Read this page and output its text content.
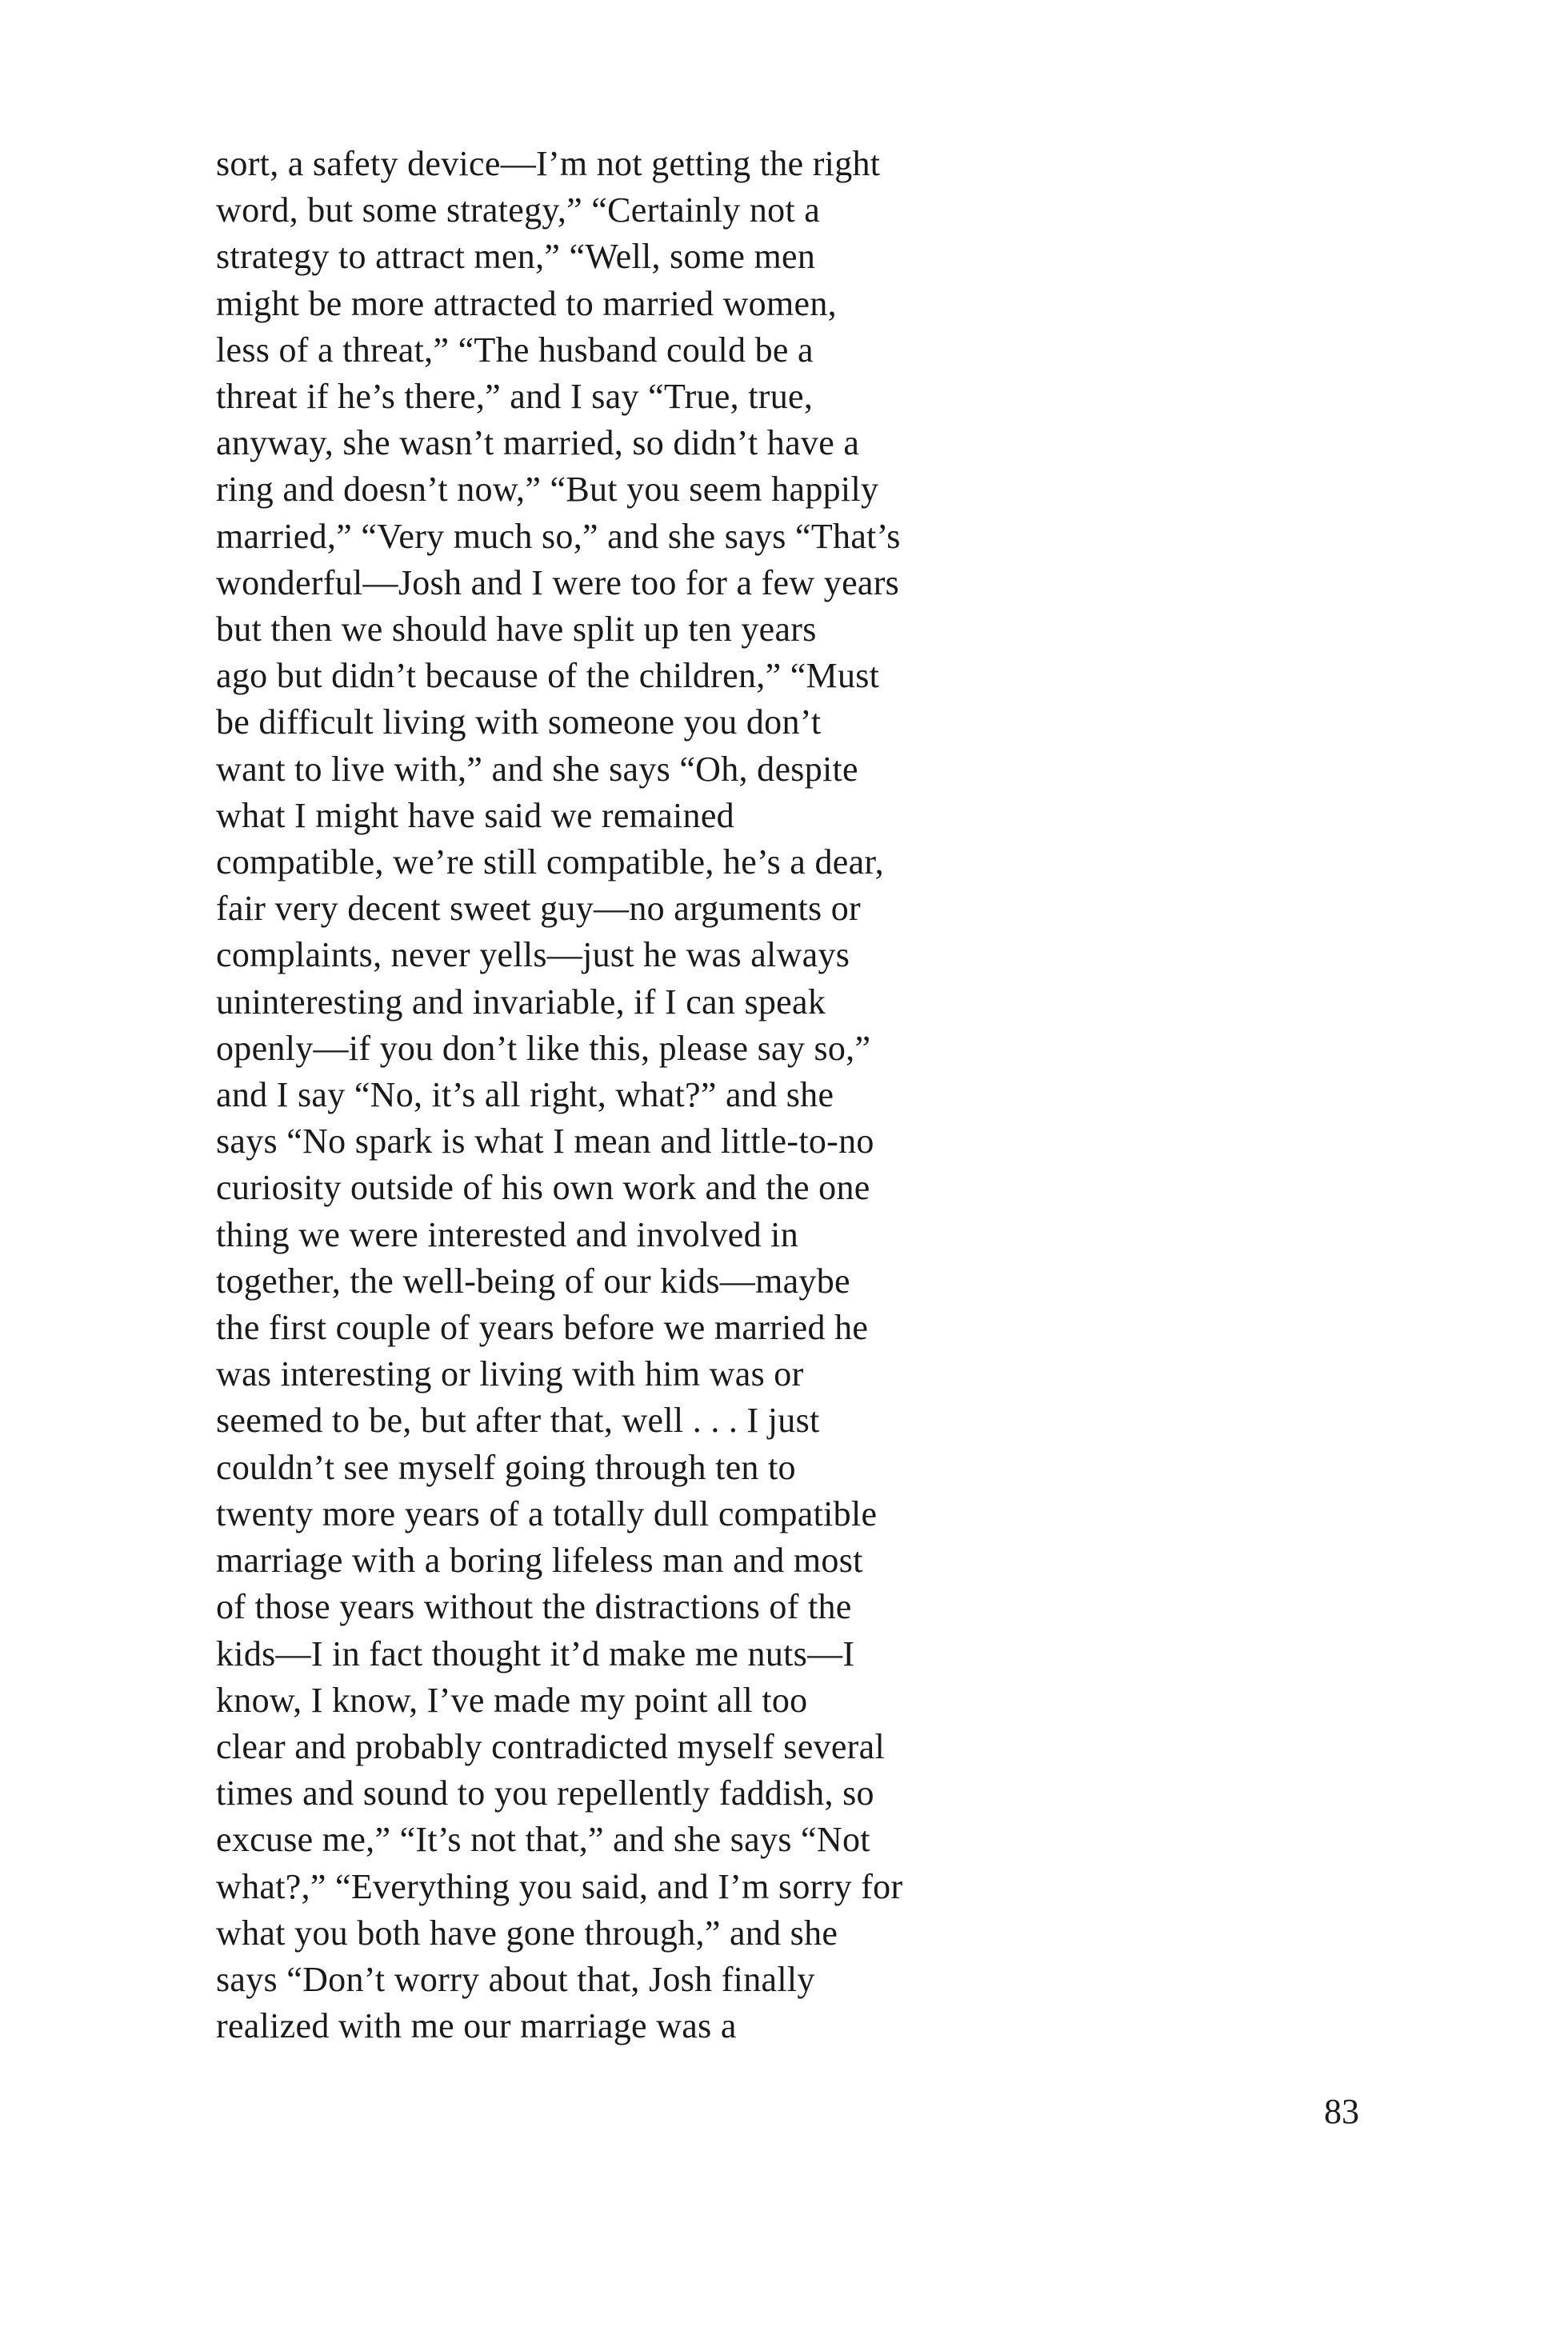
sort, a safety device—I’m not getting the right
word, but some strategy,” “Certainly not a
strategy to attract men,” “Well, some men
might be more attracted to married women,
less of a threat,” “The husband could be a
threat if he’s there,” and I say “True, true,
anyway, she wasn’t married, so didn’t have a
ring and doesn’t now,” “But you seem happily
married,” “Very much so,” and she says “That’s
wonderful—Josh and I were too for a few years
but then we should have split up ten years
ago but didn’t because of the children,” “Must
be difficult living with someone you don’t
want to live with,” and she says “Oh, despite
what I might have said we remained
compatible, we’re still compatible, he’s a dear,
fair very decent sweet guy—no arguments or
complaints, never yells—just he was always
uninteresting and invariable, if I can speak
openly—if you don’t like this, please say so,”
and I say “No, it’s all right, what?” and she
says “No spark is what I mean and little-to-no
curiosity outside of his own work and the one
thing we were interested and involved in
together, the well-being of our kids—maybe
the first couple of years before we married he
was interesting or living with him was or
seemed to be, but after that, well . . . I just
couldn’t see myself going through ten to
twenty more years of a totally dull compatible
marriage with a boring lifeless man and most
of those years without the distractions of the
kids—I in fact thought it’d make me nuts—I
know, I know, I’ve made my point all too
clear and probably contradicted myself several
times and sound to you repellently faddish, so
excuse me,” “It’s not that,” and she says “Not
what?,” “Everything you said, and I’m sorry for
what you both have gone through,” and she
says “Don’t worry about that, Josh finally
realized with me our marriage was a
83
